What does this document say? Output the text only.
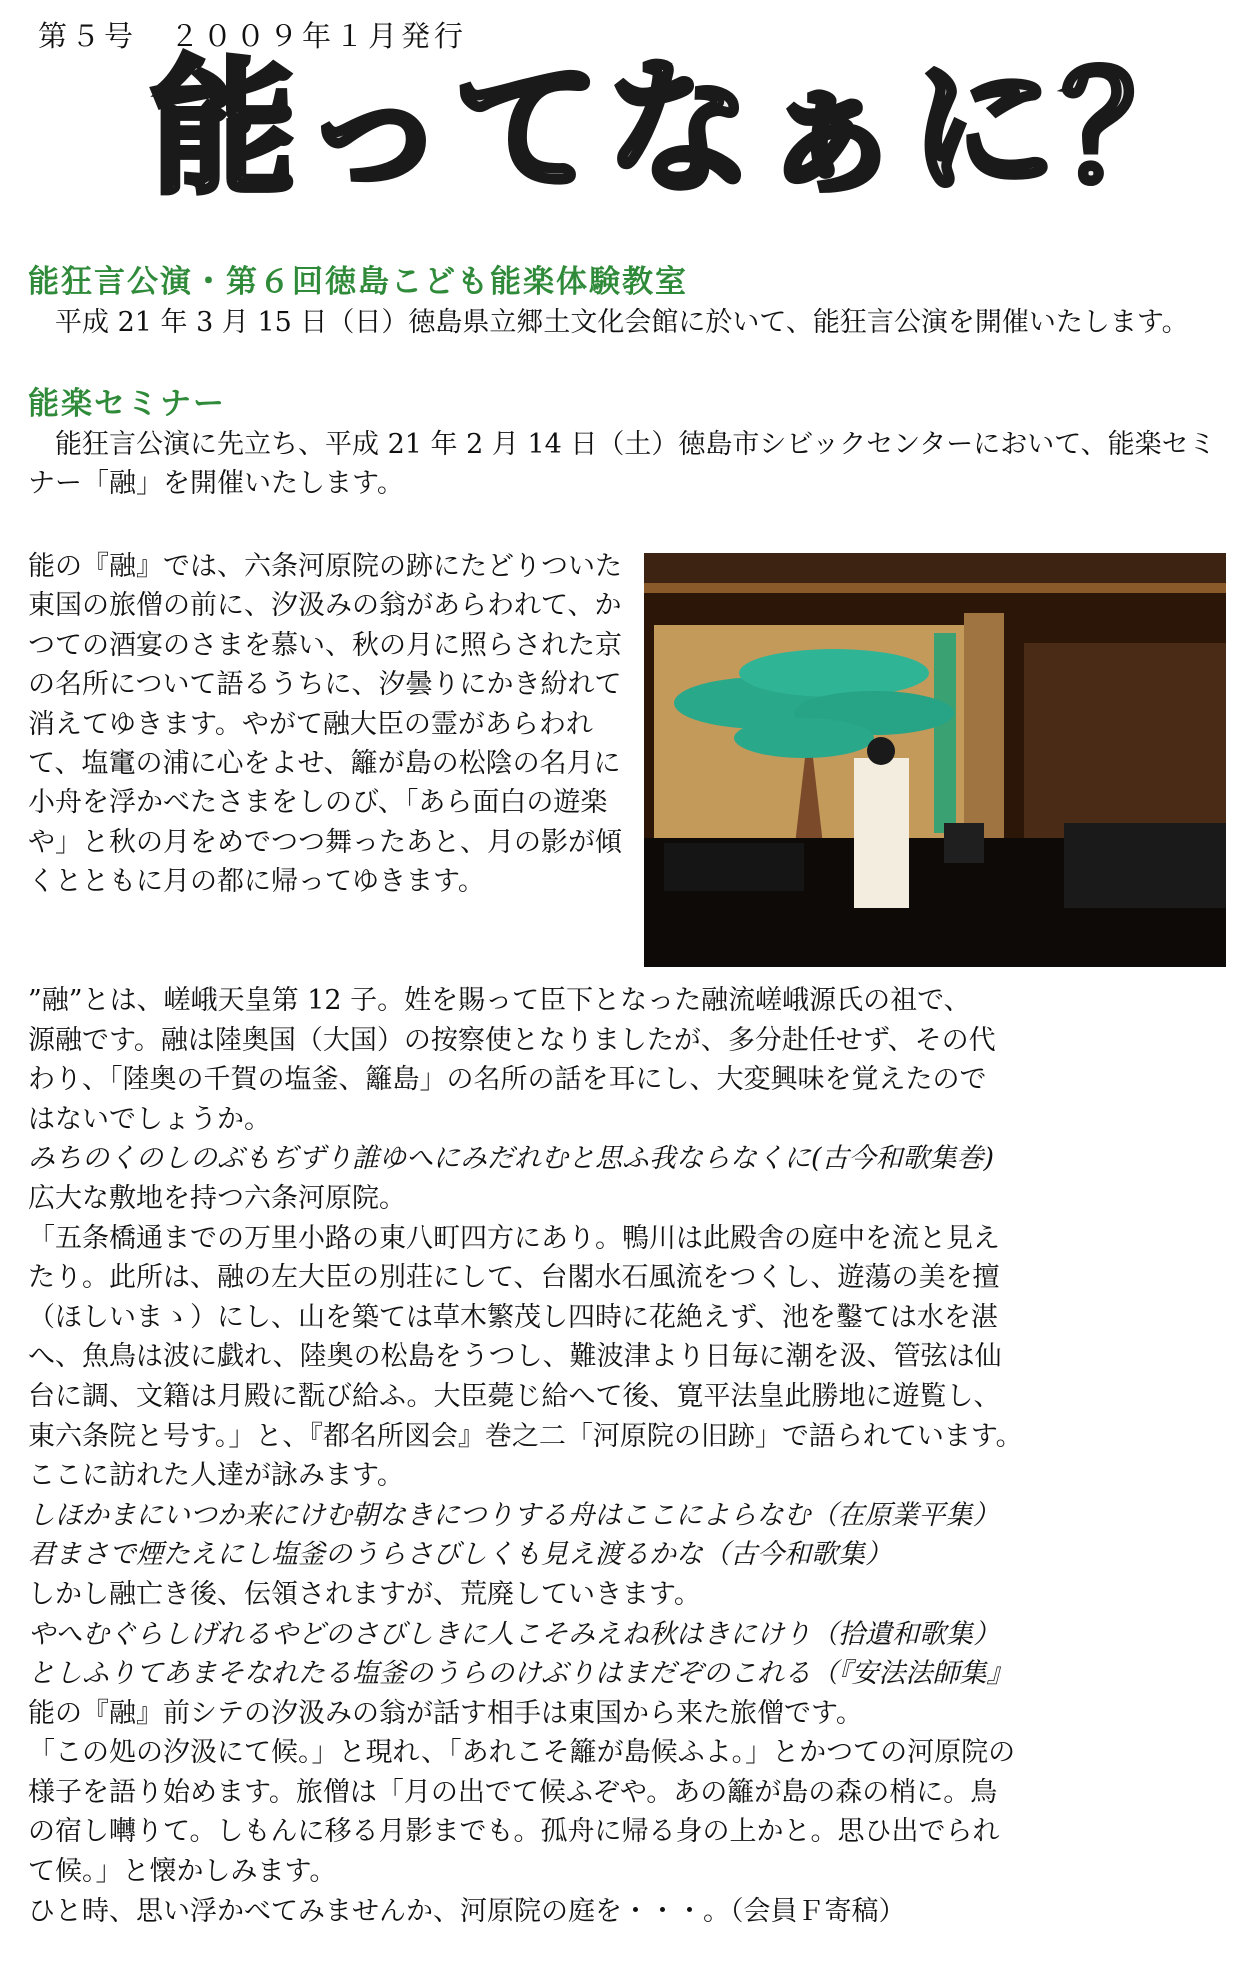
第５号　２００９年１月発行
能ってなぁに？
能狂言公演・第６回徳島こども能楽体験教室

平成 21 年 3 月 15 日（日）徳島県立郷土文化会館に於いて、能狂言公演を開催いたします。

能楽セミナー

能狂言公演に先立ち、平成 21 年 2 月 14 日（土）徳島市シビックセンターにおいて、能楽セミナー「融」を開催いたします。

能の『融』では、六条河原院の跡にたどりついた東国の旅僧の前に、汐汲みの翁があらわれて、かつての酒宴のさまを慕い、秋の月に照らされた京の名所について語るうちに、汐曇りにかき紛れて消えてゆきます。やがて融大臣の霊があらわれて、塩竃の浦に心をよせ、籬が島の松陰の名月に小舟を浮かべたさまをしのび、「あら面白の遊楽や」と秋の月をめでつつ舞ったあと、月の影が傾くとともに月の都に帰ってゆきます。

”融”とは、嵯峨天皇第 12 子。姓を賜って臣下となった融流嵯峨源氏の祖で、
源融です。融は陸奥国（大国）の按察使となりましたが、多分赴任せず、その代
わり、「陸奥の千賀の塩釜、籬島」の名所の話を耳にし、大変興味を覚えたので
はないでしょうか。
みちのくのしのぶもぢずり誰ゆへにみだれむと思ふ我ならなくに(古今和歌集巻)
広大な敷地を持つ六条河原院。
「五条橋通までの万里小路の東八町四方にあり。鴨川は此殿舎の庭中を流と見え
たり。此所は、融の左大臣の別荘にして、台閣水石風流をつくし、遊蕩の美を擅
（ほしいまゝ）にし、山を築ては草木繁茂し四時に花絶えず、池を鑿ては水を湛
へ、魚鳥は波に戯れ、陸奥の松島をうつし、難波津より日毎に潮を汲、管弦は仙
台に調、文籍は月殿に翫び給ふ。大臣薨じ給へて後、寛平法皇此勝地に遊覧し、
東六条院と号す。」と、『都名所図会』巻之二「河原院の旧跡」で語られています。
ここに訪れた人達が詠みます。
しほかまにいつか来にけむ朝なきにつりする舟はここによらなむ（在原業平集）
君まさで煙たえにし塩釜のうらさびしくも見え渡るかな（古今和歌集）
しかし融亡き後、伝領されますが、荒廃していきます。
やへむぐらしげれるやどのさびしきに人こそみえね秋はきにけり（拾遺和歌集）
としふりてあまそなれたる塩釜のうらのけぶりはまだぞのこれる（『安法法師集』
能の『融』前シテの汐汲みの翁が話す相手は東国から来た旅僧です。
「この処の汐汲にて候。」と現れ、「あれこそ籬が島候ふよ。」とかつての河原院の
様子を語り始めます。旅僧は「月の出でて候ふぞや。あの籬が島の森の梢に。鳥
の宿し囀りて。しもんに移る月影までも。孤舟に帰る身の上かと。思ひ出でられ
て候。」と懐かしみます。
ひと時、思い浮かべてみませんか、河原院の庭を・・・。（会員Ｆ寄稿）
